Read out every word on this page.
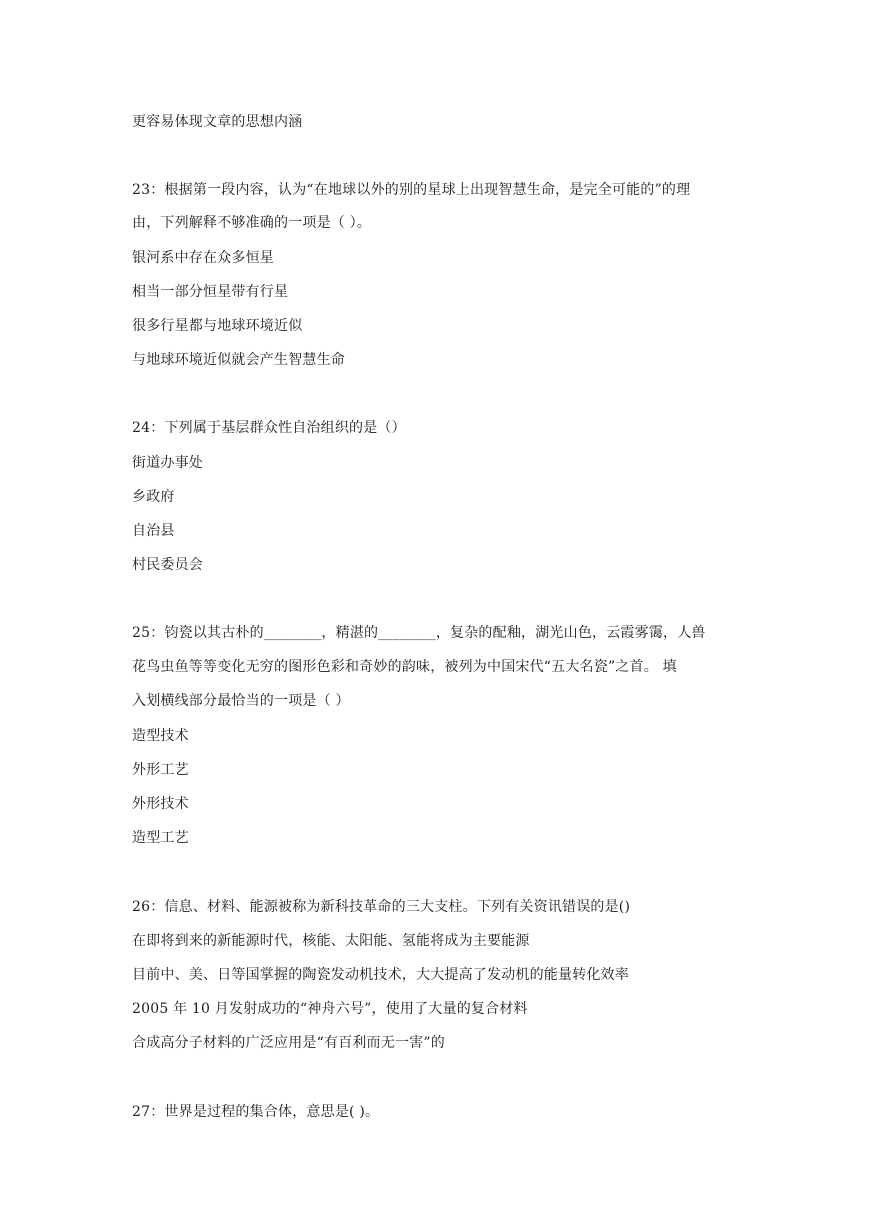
更容易体现文章的思想内涵
23：根据第一段内容，认为“在地球以外的别的星球上出现智慧生命，是完全可能的”的理
由，下列解释不够准确的一项是（ ）。
银河系中存在众多恒星
相当一部分恒星带有行星
很多行星都与地球环境近似
与地球环境近似就会产生智慧生命
24：下列属于基层群众性自治组织的是（）
街道办事处
乡政府
自治县
村民委员会
25：钧瓷以其古朴的________，精湛的________，复杂的配釉，湖光山色，云霞雾霭，人兽
花鸟虫鱼等等变化无穷的图形色彩和奇妙的韵味，被列为中国宋代“五大名瓷”之首。 填
入划横线部分最恰当的一项是（ ）
造型技术
外形工艺
外形技术
造型工艺
26：信息、材料、能源被称为新科技革命的三大支柱。下列有关资讯错误的是()
在即将到来的新能源时代，核能、太阳能、氢能将成为主要能源
目前中、美、日等国掌握的陶瓷发动机技术，大大提高了发动机的能量转化效率
2005 年 10 月发射成功的“神舟六号”，使用了大量的复合材料
合成高分子材料的广泛应用是“有百利而无一害”的
27：世界是过程的集合体，意思是( )。
